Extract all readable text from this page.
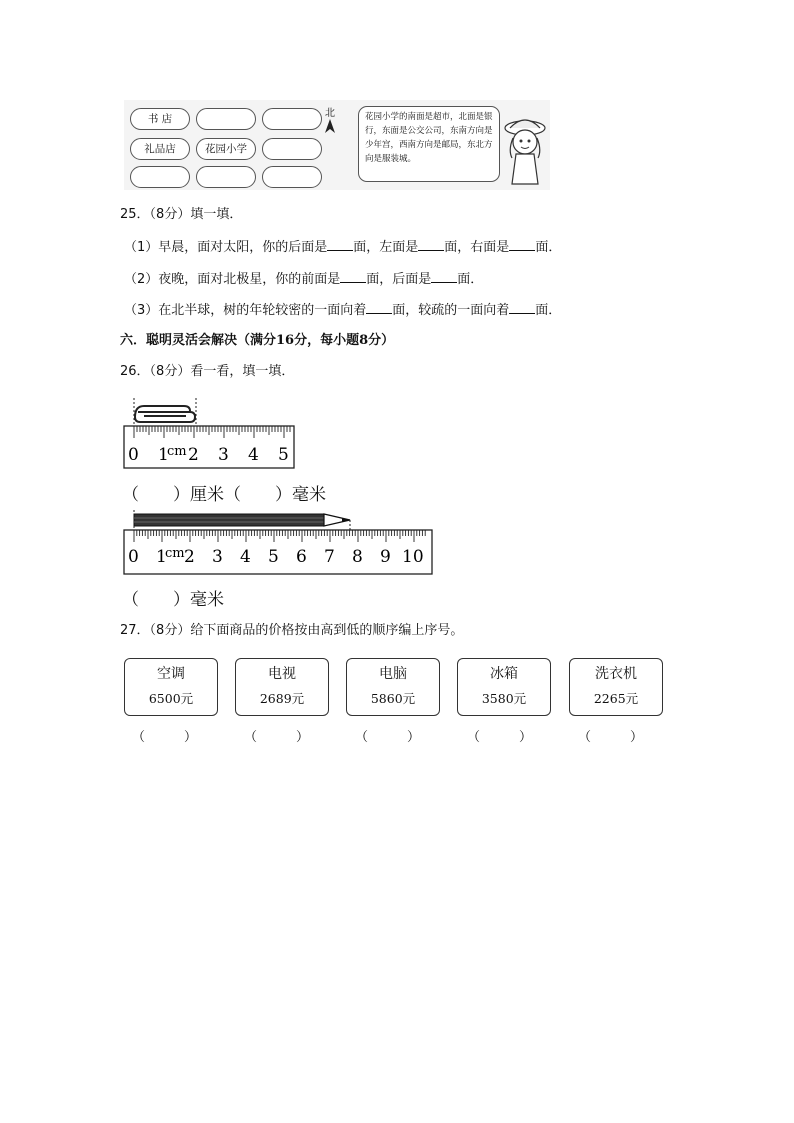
书 店
礼品店	花园小学
北	花园小学的南面是超市，北面是银行，东面是公交公司，东南方向是少年宫，西南方向是邮局，东北方向是服装城。
25．（8分）填一填．
（1）早晨，面对太阳，你的后面是 面，左面是 面，右面是 面．
（2）夜晚，面对北极星，你的前面是 面，后面是 面．
（3）在北半球，树的年轮较密的一面向着 面，较疏的一面向着 面．
六．聪明灵活会解决（满分16分，每小题8分）
26．（8分）看一看，填一填．
0 1
cm 2 3 4 5
（　　）厘米（　　）毫米
0 1
cm 2 3 4 5 6 7 8 9 10
（　　）毫米
27．（8分）给下面商品的价格按由高到低的顺序编上序号。
空调
6500元
电视
2689元
电脑
5860元
冰箱
3580元
洗衣机
2265元
（　　　）	（　　　）	（　　　）	（　　　）	（　　　）
